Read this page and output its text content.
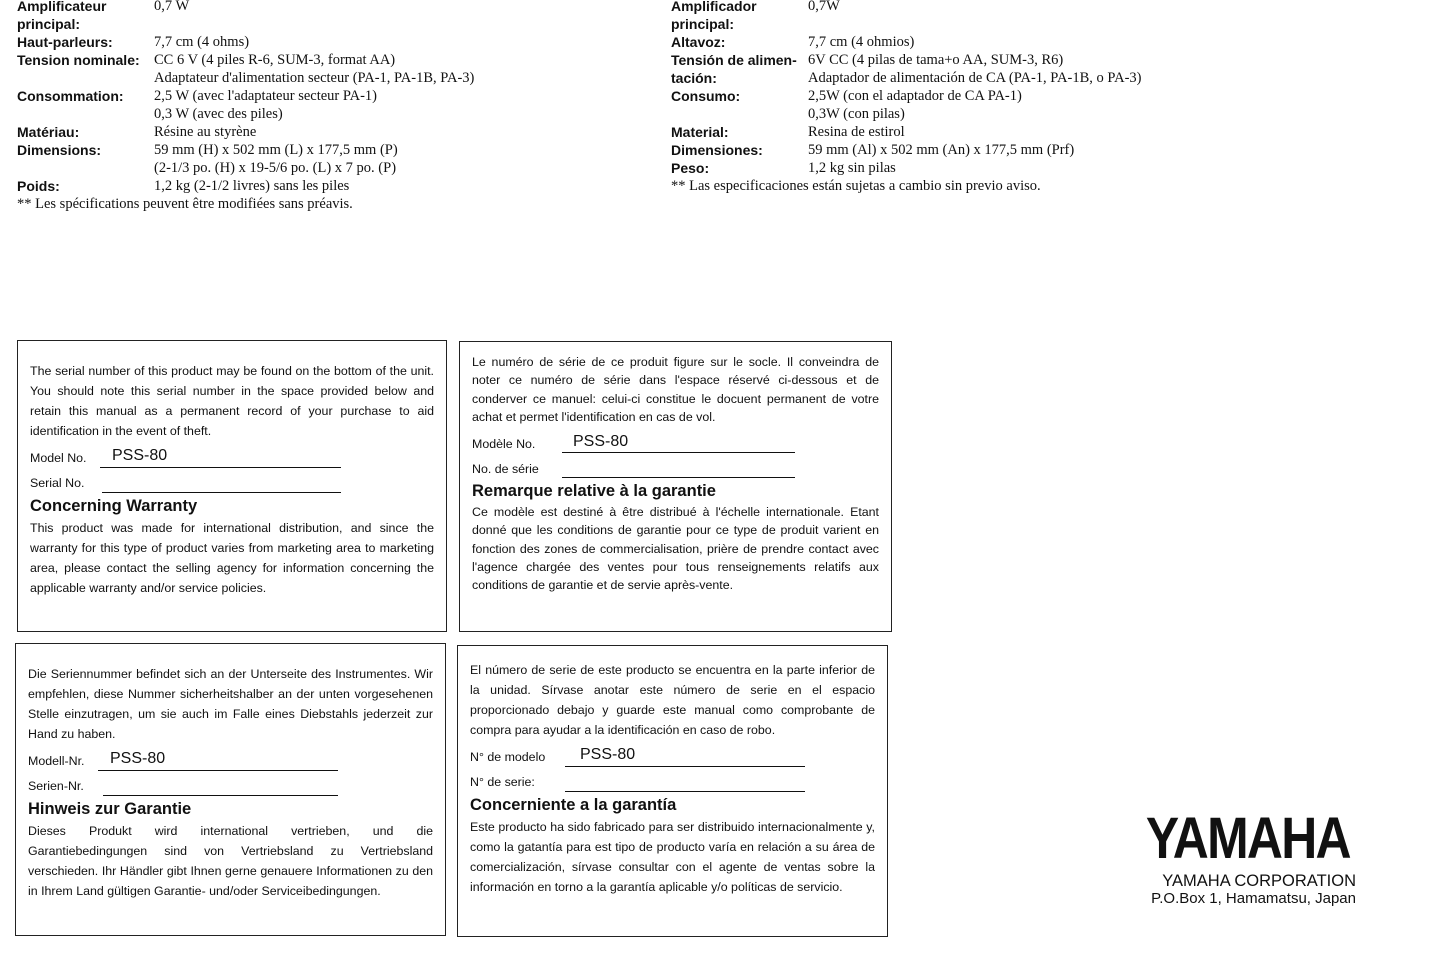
Amplificateur principal:	0,7 W

Haut-parleurs:	7,7 cm (4 ohms)

Tension nominale:	CC 6 V (4 piles R-6, SUM-3, format AA)
Adaptateur d'alimentation secteur (PA-1, PA-1B, PA-3)

Consommation:	2,5 W (avec l'adaptateur secteur PA-1)
0,3 W (avec des piles)

Matériau:	Résine au styrène

Dimensions:	59 mm (H) x 502 mm (L) x 177,5 mm (P)
(2-1/3 po. (H) x 19-5/6 po. (L) x 7 po. (P)

Poids:	1,2 kg (2-1/2 livres) sans les piles
** Les spécifications peuvent être modifiées sans préavis.
Amplificador principal:	0,7W

Altavoz:	7,7 cm (4 ohmios)

Tensión de alimen-tación:	6V CC (4 pilas de tama+o AA, SUM-3, R6)
Adaptador de alimentación de CA (PA-1, PA-1B, o PA-3)

Consumo:	2,5W (con el adaptador de CA PA-1)
0,3W (con pilas)

Material:	Resina de estirol

Dimensiones:	59 mm (Al) x 502 mm (An) x 177,5 mm (Prf)

Peso:	1,2 kg sin pilas
** Las especificaciones están sujetas a cambio sin previo aviso.
The serial number of this product may be found on the bottom of the unit. You should note this serial number in the space provided below and retain this manual as a permanent record of your purchase to aid identification in the event of theft.
Model No. PSS-80
Serial No.
Concerning Warranty
This product was made for international distribution, and since the warranty for this type of product varies from marketing area to marketing area, please contact the selling agency for information concerning the applicable warranty and/or service policies.
Le numéro de série de ce produit figure sur le socle. Il conveindra de noter ce numéro de série dans l'espace réservé ci-dessous et de conderver ce manuel: celui-ci constitue le docuent permanent de votre achat et permet l'identification en cas de vol.
Modèle No. PSS-80
No. de série
Remarque relative à la garantie
Ce modèle est destiné à être distribué à l'échelle internationale. Etant donné que les conditions de garantie pour ce type de produit varient en fonction des zones de commercialisation, prière de prendre contact avec l'agence chargée des ventes pour tous renseignements relatifs aux conditions de garantie et de servie après-vente.
Die Seriennummer befindet sich an der Unterseite des Instrumentes. Wir empfehlen, diese Nummer sicherheitshalber an der unten vorgesehenen Stelle einzutragen, um sie auch im Falle eines Diebstahls jederzeit zur Hand zu haben.
Modell-Nr. PSS-80
Serien-Nr.
Hinweis zur Garantie
Dieses Produkt wird international vertrieben, und die Garantiebedingungen sind von Vertriebsland zu Vertriebsland verschieden. Ihr Händler gibt Ihnen gerne genauere Informationen zu den in Ihrem Land gültigen Garantie- und/oder Serviceibedingungen.
El número de serie de este producto se encuentra en la parte inferior de la unidad. Sírvase anotar este número de serie en el espacio proporcionado debajo y guarde este manual como comprobante de compra para ayudar a la identificación en caso de robo.
N° de modelo PSS-80
N° de serie:
Concerniente a la garantía
Este producto ha sido fabricado para ser distribuido internacionalmente y, como la gatantía para est tipo de producto varía en relación a su área de comercialización, sírvase consultar con el agente de ventas sobre la información en torno a la garantía aplicable y/o políticas de servicio.
YAMAHA
YAMAHA CORPORATION
P.O.Box 1, Hamamatsu, Japan
